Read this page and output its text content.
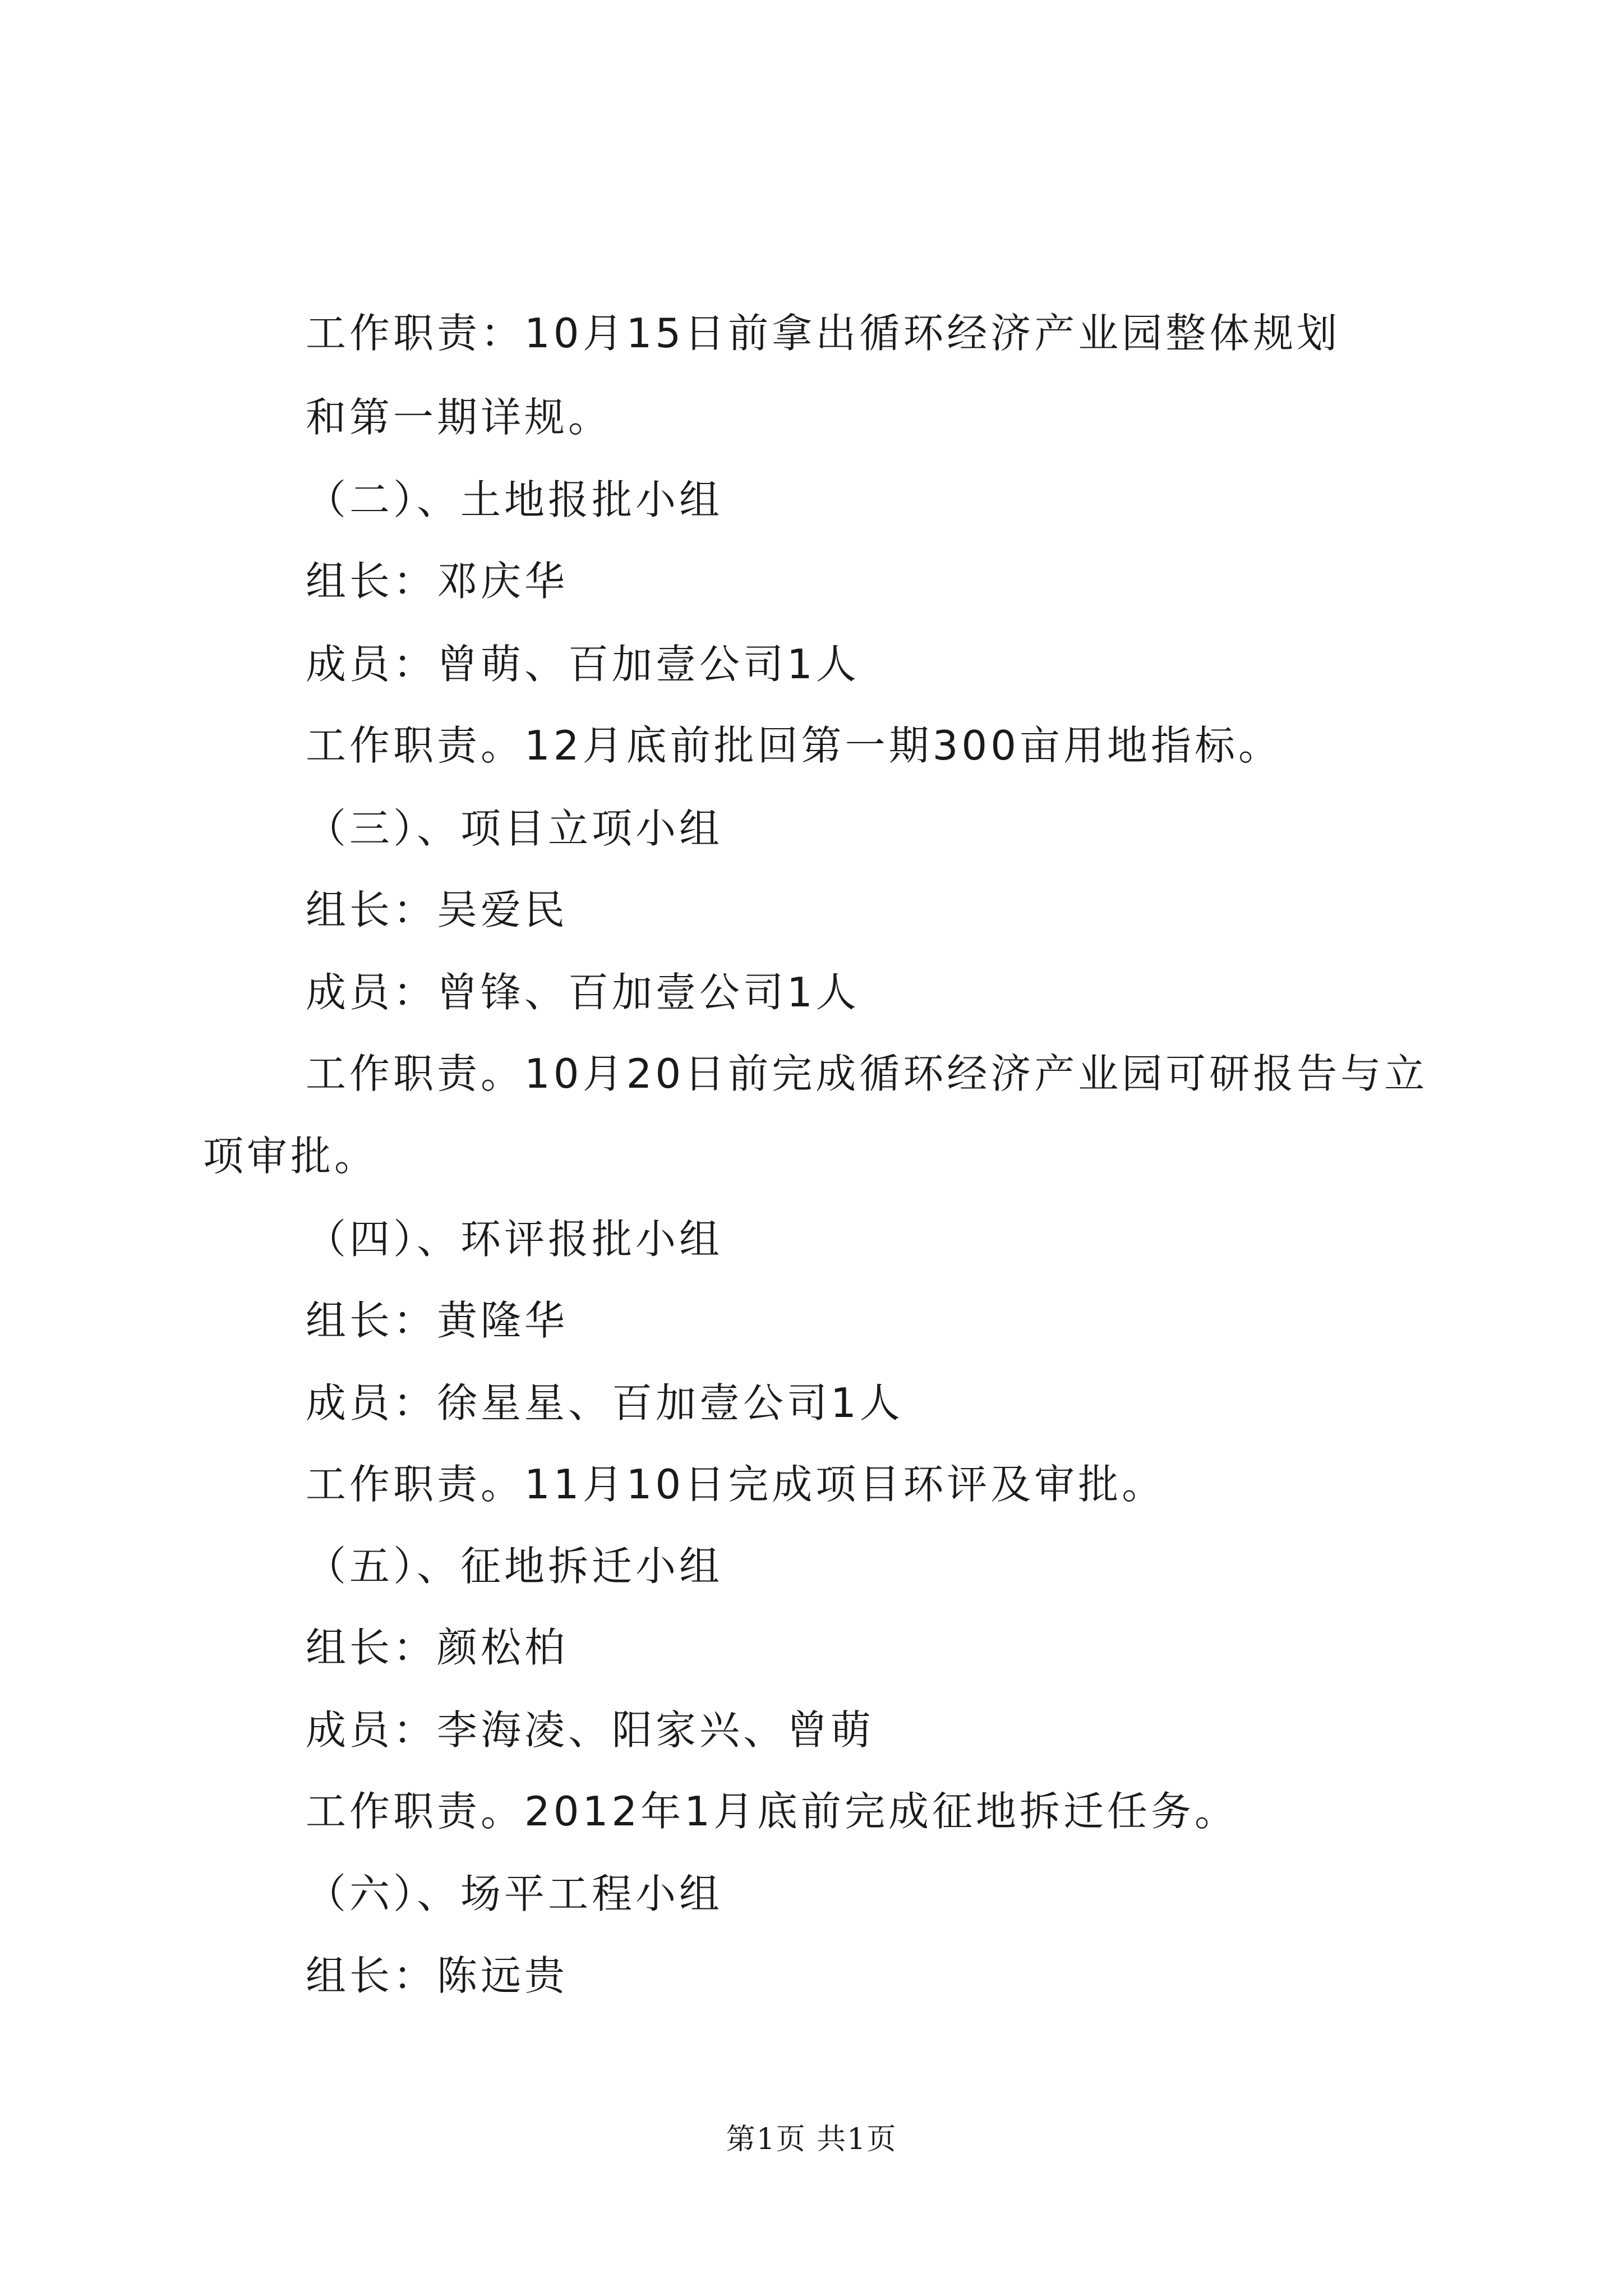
工作职责：10月15日前拿出循环经济产业园整体规划
和第一期详规。
（二）、土地报批小组
组长：邓庆华
成员：曾萌、百加壹公司1人
工作职责。12月底前批回第一期300亩用地指标。
（三）、项目立项小组
组长：吴爱民
成员：曾锋、百加壹公司1人
工作职责。10月20日前完成循环经济产业园可研报告与立
项审批。
（四）、环评报批小组
组长：黄隆华
成员：徐星星、百加壹公司1人
工作职责。11月10日完成项目环评及审批。
（五）、征地拆迁小组
组长：颜松柏
成员：李海凌、阳家兴、曾萌
工作职责。2012年1月底前完成征地拆迁任务。
（六）、场平工程小组
组长：陈远贵
第1页 共1页
